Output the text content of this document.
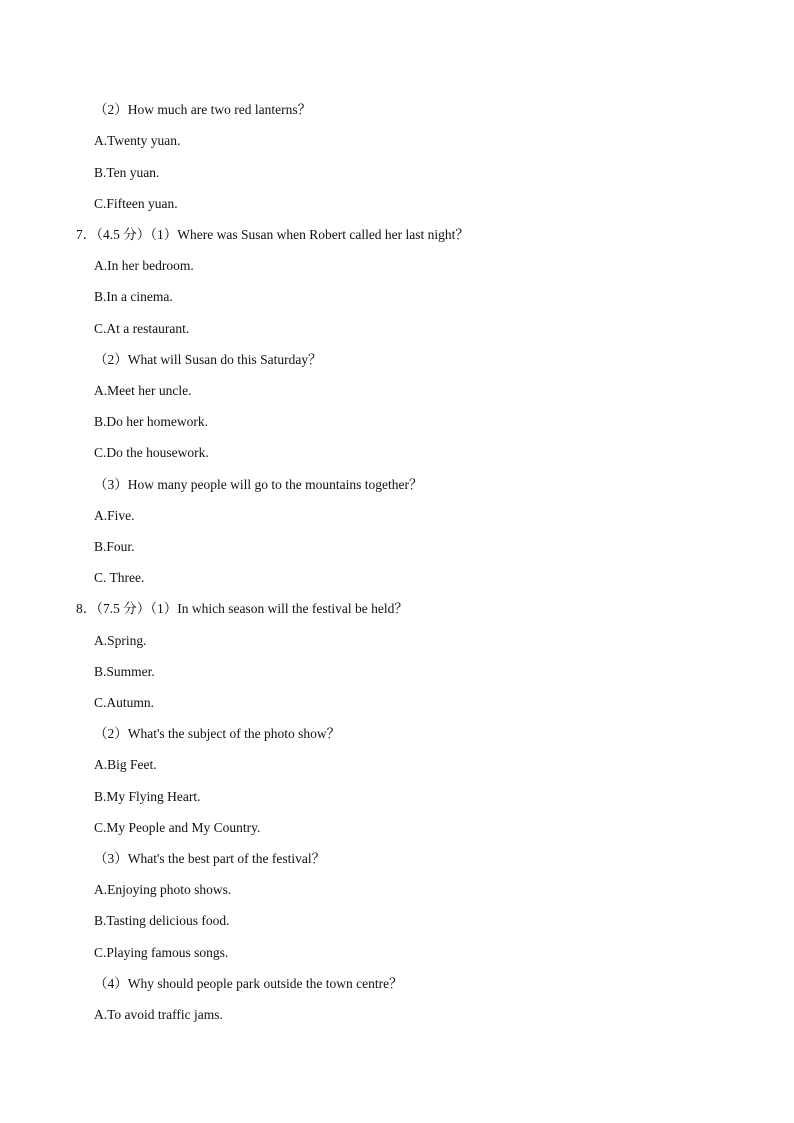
（2）How much are two red lanterns？
A.Twenty yuan.
B.Ten yuan.
C.Fifteen yuan.
7．（4.5 分）（1）Where was Susan when Robert called her last night？
A.In her bedroom.
B.In a cinema.
C.At a restaurant.
（2）What will Susan do this Saturday？
A.Meet her uncle.
B.Do her homework.
C.Do the housework.
（3）How many people will go to the mountains together？
A.Five.
B.Four.
C. Three.
8．（7.5 分）（1）In which season will the festival be held？
A.Spring.
B.Summer.
C.Autumn.
（2）What's the subject of the photo show？
A.Big Feet.
B.My Flying Heart.
C.My People and My Country.
（3）What's the best part of the festival？
A.Enjoying photo shows.
B.Tasting delicious food.
C.Playing famous songs.
（4）Why should people park outside the town centre？
A.To avoid traffic jams.
